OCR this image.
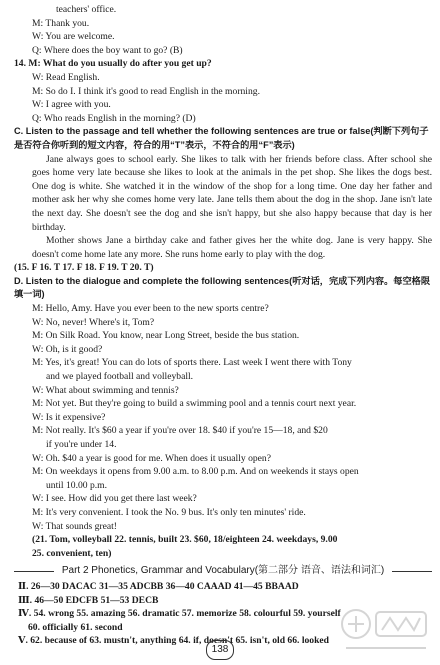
teachers' office.
M: Thank you.
W: You are welcome.
Q: Where does the boy want to go? (B)
14. M: What do you usually do after you get up?
W: Read English.
M: So do I. I think it's good to read English in the morning.
W: I agree with you.
Q: Who reads English in the morning? (D)
C. Listen to the passage and tell whether the following sentences are true or false(判断下列句子是否符合你听到的短文内容，符合的用“T”表示，不符合的用“F”表示)
Jane always goes to school early. She likes to talk with her friends before class. After school she goes home very late because she likes to look at the animals in the pet shop. She likes the dogs best. One dog is white. She watched it in the window of the shop for a long time. One day her father and mother ask her why she comes home very late. Jane tells them about the dog in the shop. Jane isn't late the next day. She doesn't see the dog and she isn't happy, but she also happy because that day is her birthday.
Mother shows Jane a birthday cake and father gives her the white dog. Jane is very happy. She doesn't come home late any more. She runs home early to play with the dog.
(15. F 16. T 17. F 18. F 19. T 20. T)
D. Listen to the dialogue and complete the following sentences(听对话，完成下列内容。每空格限填一词)
M: Hello, Amy. Have you ever been to the new sports centre?
W: No, never! Where's it, Tom?
M: On Silk Road. You know, near Long Street, beside the bus station.
W: Oh, is it good?
M: Yes, it's great! You can do lots of sports there. Last week I went there with Tony
and we played football and volleyball.
W: What about swimming and tennis?
M: Not yet. But they're going to build a swimming pool and a tennis court next year.
W: Is it expensive?
M: Not really. It's $60 a year if you're over 18. $40 if you're 15—18, and $20
if you're under 14.
W: Oh. $40 a year is good for me. When does it usually open?
M: On weekdays it opens from 9.00 a.m. to 8.00 p.m. And on weekends it stays open
until 10.00 p.m.
W: I see. How did you get there last week?
M: It's very convenient. I took the No. 9 bus. It's only ten minutes' ride.
W: That sounds great!
(21. Tom, volleyball 22. tennis, built 23. $60, 18/eighteen 24. weekdays, 9.00
25. convenient, ten)
Part 2 Phonetics, Grammar and Vocabulary(第二部分 语音、语法和词汇)
Ⅱ. 26—30 DACAC 31—35 ADCBB 36—40 CAAAD 41—45 BBAAD
Ⅲ. 46—50 EDCFB 51—53 DECB
Ⅳ. 54. wrong 55. amazing 56. dramatic 57. memorize 58. colourful 59. yourself
60. officially 61. second
Ⅴ. 62. because of 63. mustn't, anything 64. if, doesn't 65. isn't, old 66. looked
138
